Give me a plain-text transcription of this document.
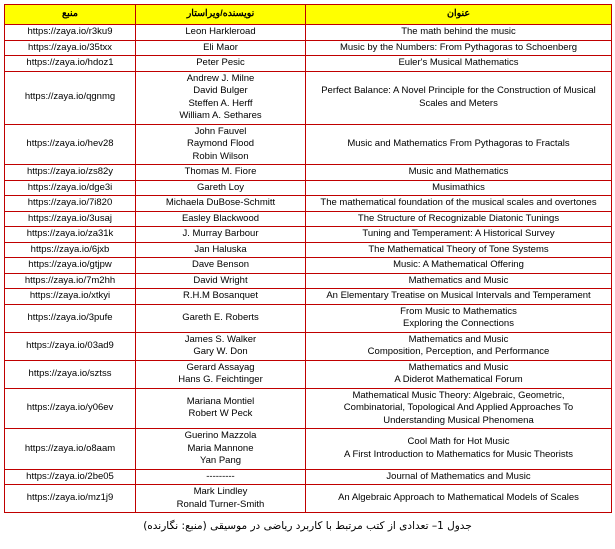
منبع	نویسنده/ویراستار	عنوان
https://zaya.io/r3ku9	Leon Harkleroad	The math behind the music

https://zaya.io/35txx	Eli Maor	Music by the Numbers: From Pythagoras to Schoenberg

https://zaya.io/hdoz1	Peter Pesic	Euler's Musical Mathematics

https://zaya.io/qgnmg	Andrew J. Milne
David Bulger
Steffen A. Herff
William A. Sethares	Perfect Balance: A Novel Principle for the Construction of Musical
Scales and Meters

https://zaya.io/hev28	John Fauvel
Raymond Flood
Robin Wilson	Music and Mathematics From Pythagoras to Fractals

https://zaya.io/zs82y	Thomas M. Fiore	Music and Mathematics

https://zaya.io/dge3i	Gareth Loy	Musimathics

https://zaya.io/7i820	Michaela DuBose-Schmitt	The mathematical foundation of the musical scales and overtones

https://zaya.io/3usaj	Easley Blackwood	The Structure of Recognizable Diatonic Tunings

https://zaya.io/za31k	J. Murray Barbour	Tuning and Temperament: A Historical Survey

https://zaya.io/6jxb	Jan Haluska	The Mathematical Theory of Tone Systems

https://zaya.io/gtjpw	Dave Benson	Music: A Mathematical Offering

https://zaya.io/7m2hh	David Wright	Mathematics and Music

https://zaya.io/xtkyi	R.H.M Bosanquet	An Elementary Treatise on Musical Intervals and Temperament

https://zaya.io/3pufe	Gareth E. Roberts	From Music to Mathematics
Exploring the Connections

https://zaya.io/03ad9	James S. Walker
Gary W. Don	Mathematics and Music
Composition, Perception, and Performance

https://zaya.io/sztss	Gerard Assayag
Hans G. Feichtinger	Mathematics and Music
A Diderot Mathematical Forum

https://zaya.io/y06ev	Mariana Montiel
Robert W Peck	Mathematical Music Theory: Algebraic, Geometric,
Combinatorial, Topological And Applied Approaches To
Understanding Musical Phenomena

https://zaya.io/o8aam	Guerino Mazzola
Maria Mannone
Yan Pang	Cool Math for Hot Music
A First Introduction to Mathematics for Music Theorists

https://zaya.io/2be05	---------	Journal of Mathematics and Music

https://zaya.io/mz1j9	Mark Lindley
Ronald Turner-Smith	An Algebraic Approach to Mathematical Models of Scales
جدول 1– تعدادی از کتب مرتبط با کاربرد ریاضی در موسیقی (منبع: نگارنده)
